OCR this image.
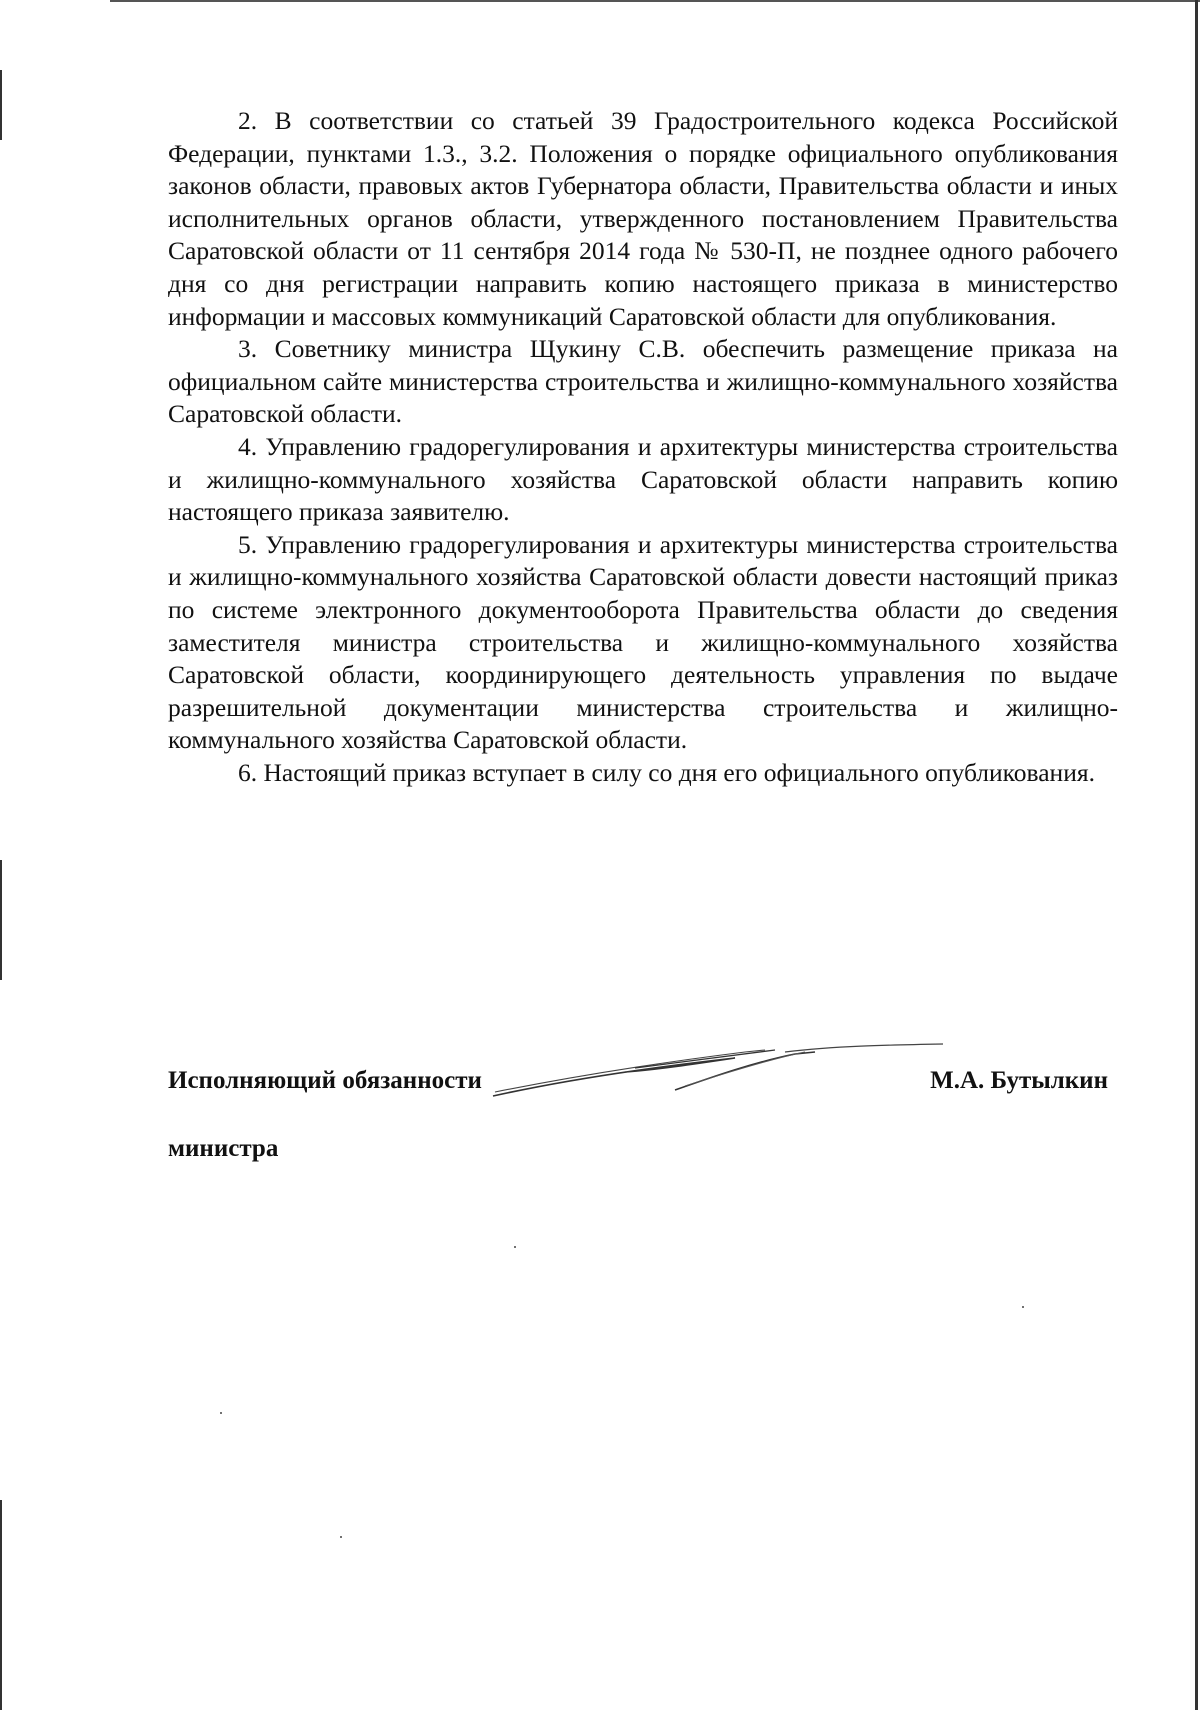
2. В соответствии со статьей 39 Градостроительного кодекса Российской Федерации, пунктами 1.3., 3.2. Положения о порядке официального опубликования законов области, правовых актов Губернатора области, Правительства области и иных исполнительных органов области, утвержденного постановлением Правительства Саратовской области от 11 сентября 2014 года № 530-П, не позднее одного рабочего дня со дня регистрации направить копию настоящего приказа в министерство информации и массовых коммуникаций Саратовской области для опубликования.

3. Советнику министра Щукину С.В. обеспечить размещение приказа на официальном сайте министерства строительства и жилищно-коммунального хозяйства Саратовской области.

4. Управлению градорегулирования и архитектуры министерства строительства и жилищно-коммунального хозяйства Саратовской области направить копию настоящего приказа заявителю.

5. Управлению градорегулирования и архитектуры министерства строительства и жилищно-коммунального хозяйства Саратовской области довести настоящий приказ по системе электронного документооборота Правительства области до сведения заместителя министра строительства и жилищно-коммунального хозяйства Саратовской области, координирующего деятельность управления по выдаче разрешительной документации министерства строительства и жилищно-коммунального хозяйства Саратовской области.

6. Настоящий приказ вступает в силу со дня его официального опубликования.

Исполняющий обязанности

министра

М.А. Бутылкин
